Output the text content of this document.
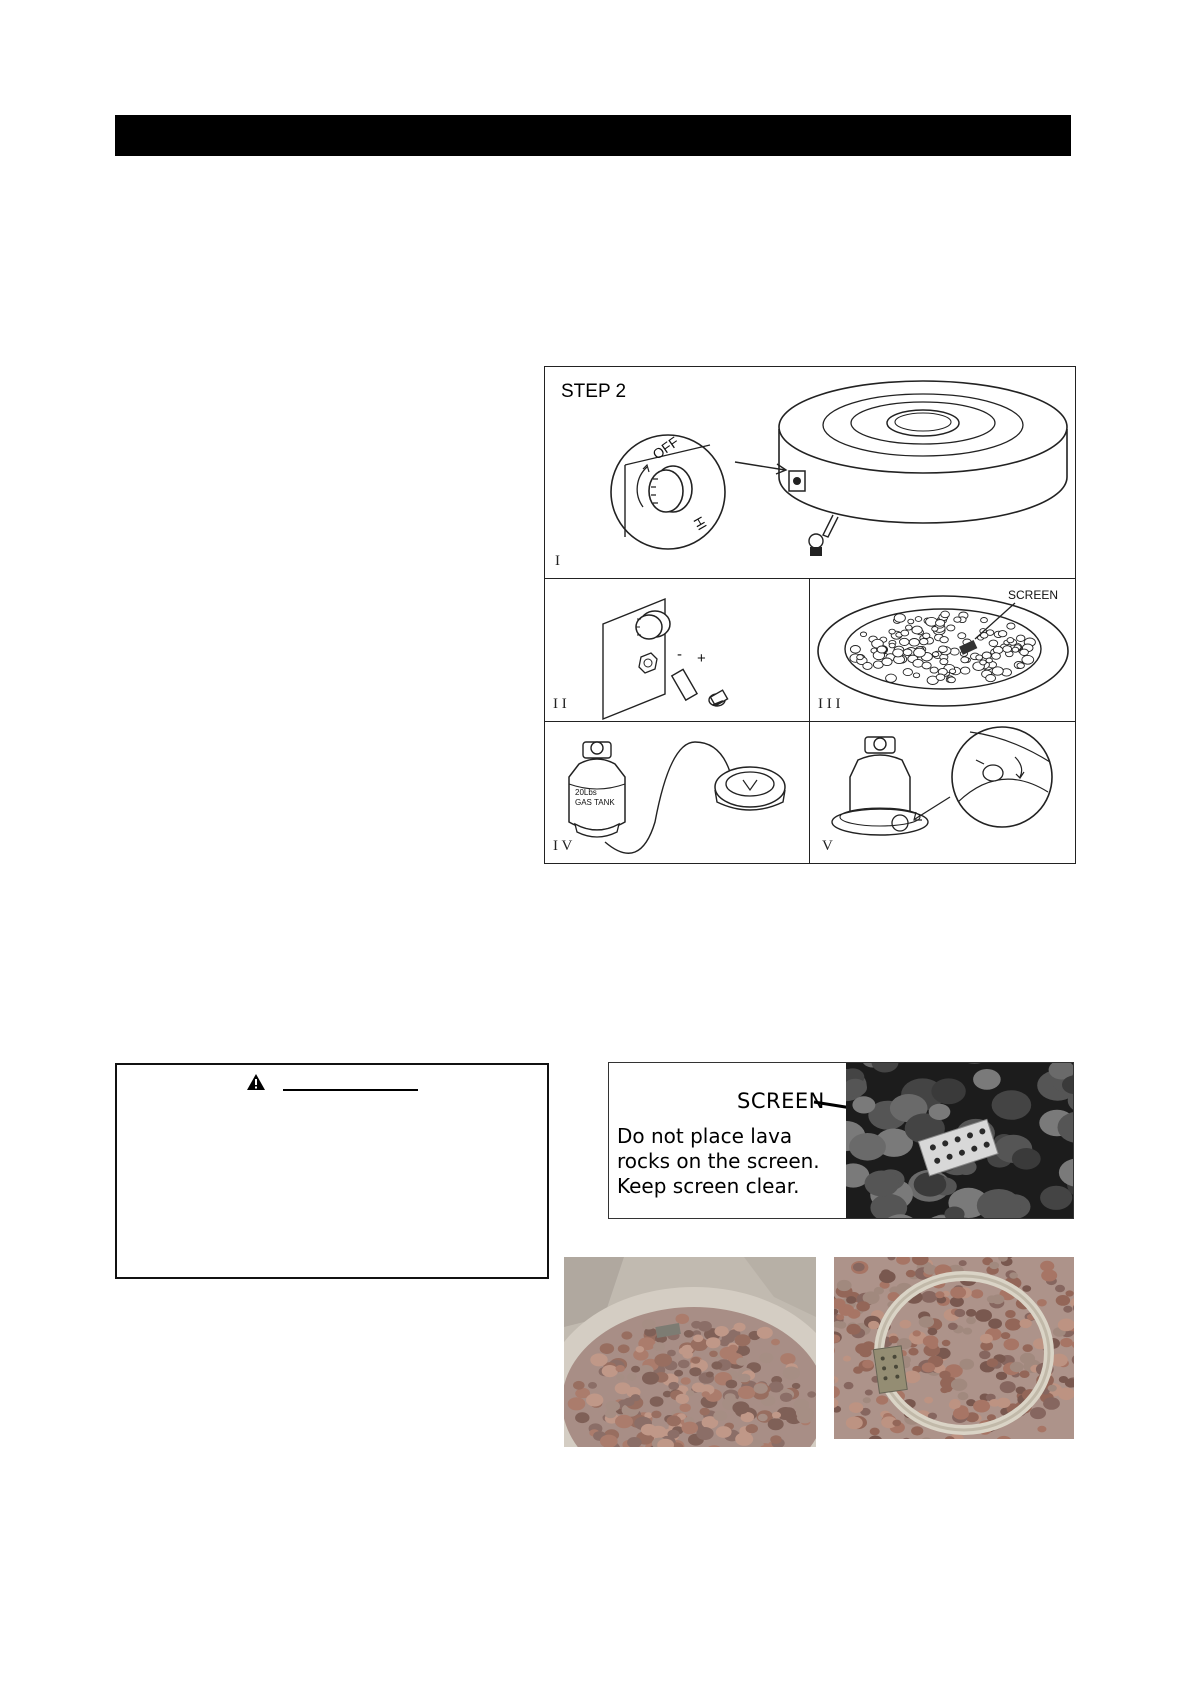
STEP 2
OFF
HI
I
- +
I I
SCREEN
I I I
20Lbs
GAS TANK
I V	V

SCREEN
Do not place lava rocks on the screen. Keep screen clear.
